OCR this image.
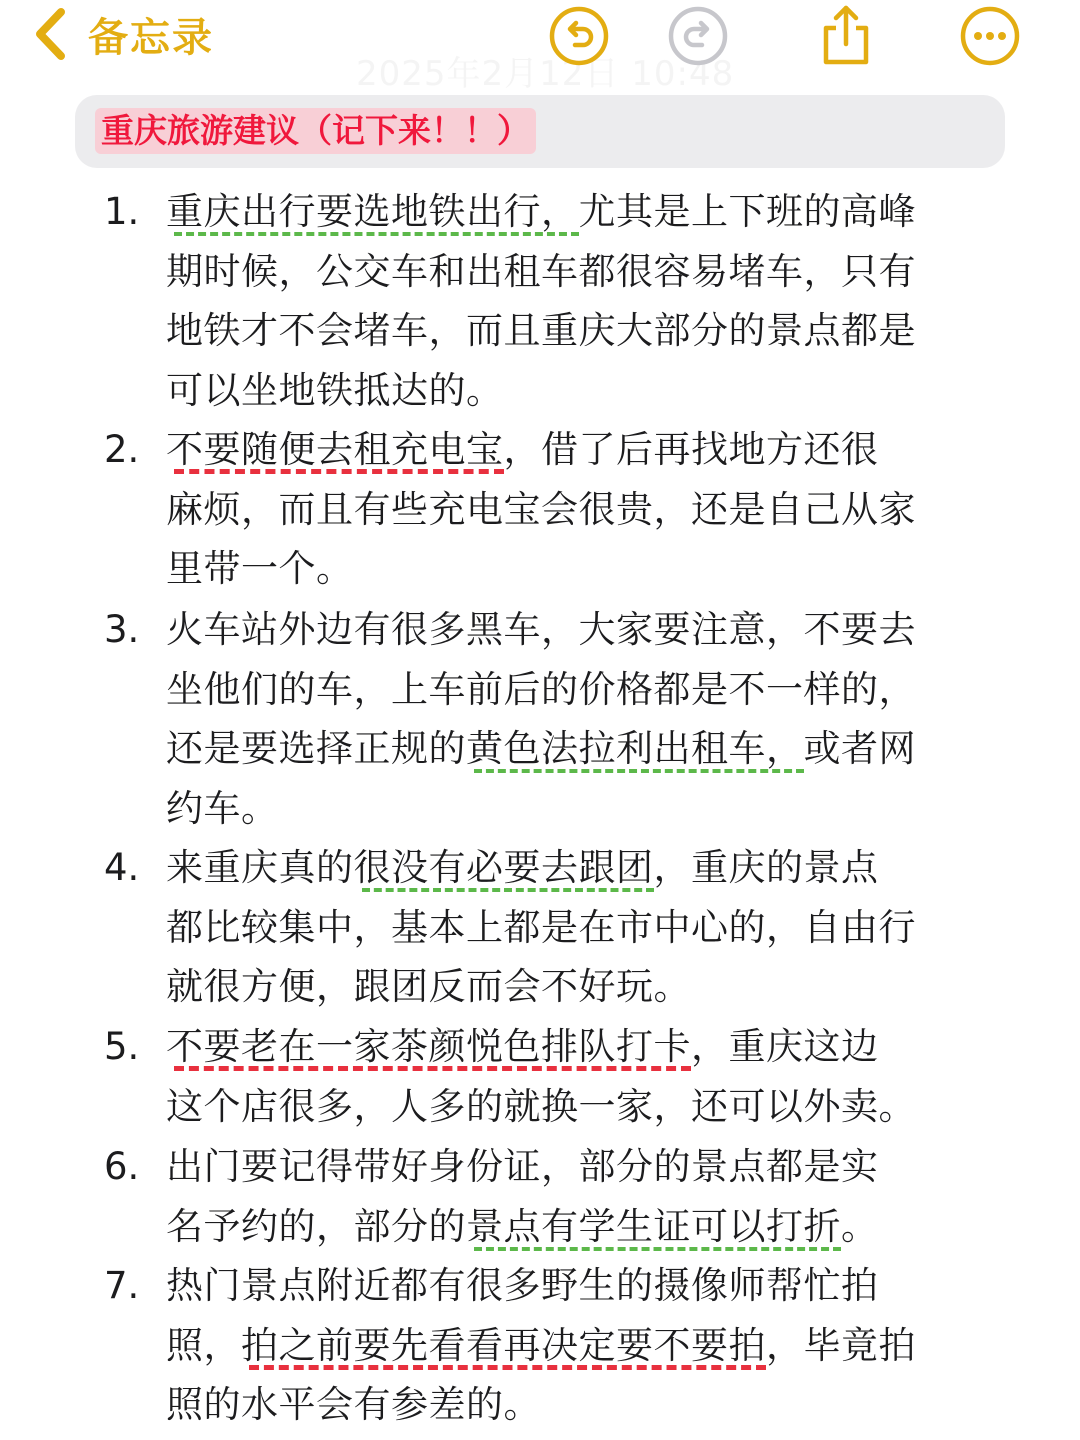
2025年2月12日 10:48
备忘录
重庆旅游建议（记下来！！）
1. 重庆出行要选地铁出行，尤其是上下班的高峰
期时候，公交车和出租车都很容易堵车，只有
地铁才不会堵车，而且重庆大部分的景点都是
可以坐地铁抵达的。
2. 不要随便去租充电宝，借了后再找地方还很
麻烦，而且有些充电宝会很贵，还是自己从家
里带一个。
3. 火车站外边有很多黑车，大家要注意，不要去
坐他们的车，上车前后的价格都是不一样的，
还是要选择正规的黄色法拉利出租车，或者网
约车。
4. 来重庆真的很没有必要去跟团，重庆的景点
都比较集中，基本上都是在市中心的，自由行
就很方便，跟团反而会不好玩。
5. 不要老在一家茶颜悦色排队打卡，重庆这边
这个店很多，人多的就换一家，还可以外卖。
6. 出门要记得带好身份证，部分的景点都是实
名予约的，部分的景点有学生证可以打折。
7. 热门景点附近都有很多野生的摄像师帮忙拍
照，拍之前要先看看再决定要不要拍，毕竟拍
照的水平会有参差的。
